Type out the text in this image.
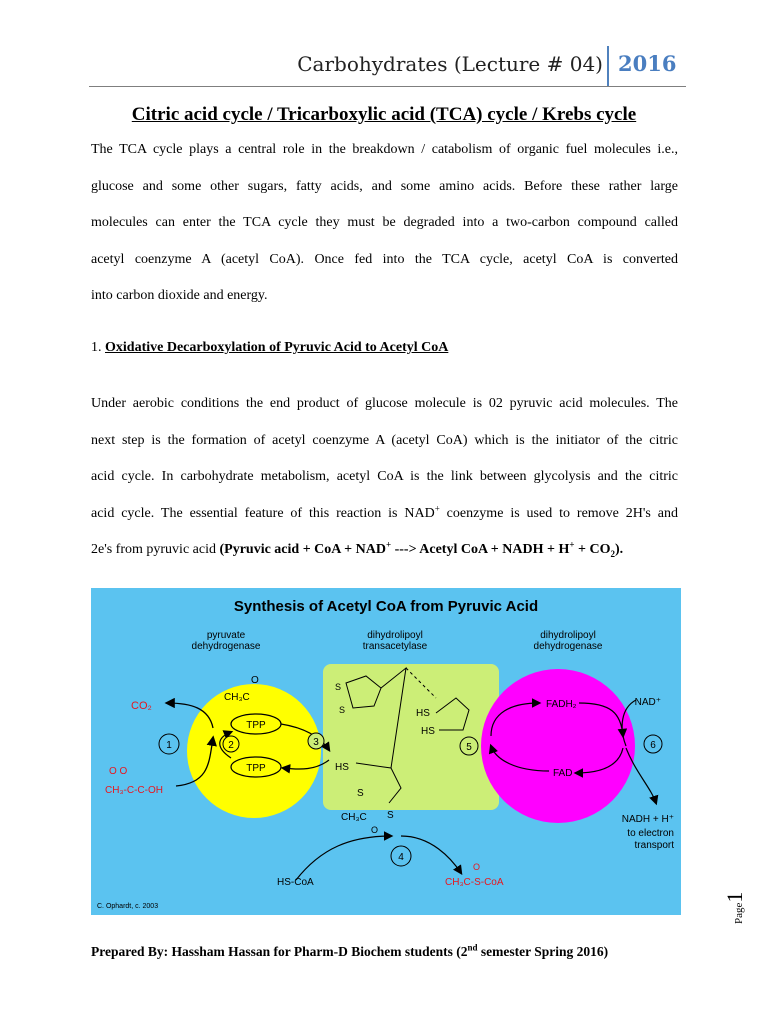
Carbohydrates (Lecture # 04) 2016
Citric acid cycle / Tricarboxylic acid (TCA) cycle / Krebs cycle
The TCA cycle plays a central role in the breakdown / catabolism of organic fuel molecules i.e.,
glucose and some other sugars, fatty acids, and some amino acids. Before these rather large
molecules can enter the TCA cycle they must be degraded into a two-carbon compound called
acetyl coenzyme A (acetyl CoA). Once fed into the TCA cycle, acetyl CoA is converted
into carbon dioxide and energy.
1. Oxidative Decarboxylation of Pyruvic Acid to Acetyl CoA
Under aerobic conditions the end product of glucose molecule is 02 pyruvic acid molecules. The
next step is the formation of acetyl coenzyme A (acetyl CoA) which is the initiator of the citric
acid cycle. In carbohydrate metabolism, acetyl CoA is the link between glycolysis and the citric
acid cycle. The essential feature of this reaction is NAD+ coenzyme is used to remove 2H's and
2e's from pyruvic acid (Pyruvic acid + CoA + NAD+ ---> Acetyl CoA + NADH + $H^+ + CO_2$).
Synthesis of Acetyl CoA from Pyruvic Acid
pyruvate
dehydrogenase
dihydrolipoyl
transacetylase
dihydrolipoyl
dehydrogenase
CO₂
O O
CH₃-C-C-OH
O
CH₃C
TPP
TPP
1	2	3
S
S	HS
HS
HS
S
O
CH₃C S
5
FADH₂
FAD
NAD⁺
6
NADH + H⁺
to electron
transport
4
HS-CoA
O
CH₃C-S-CoA
C. Ophardt, c. 2003	Page1
Prepared By: Hassham Hassan for Pharm-D Biochem students (2nd semester Spring 2016)
